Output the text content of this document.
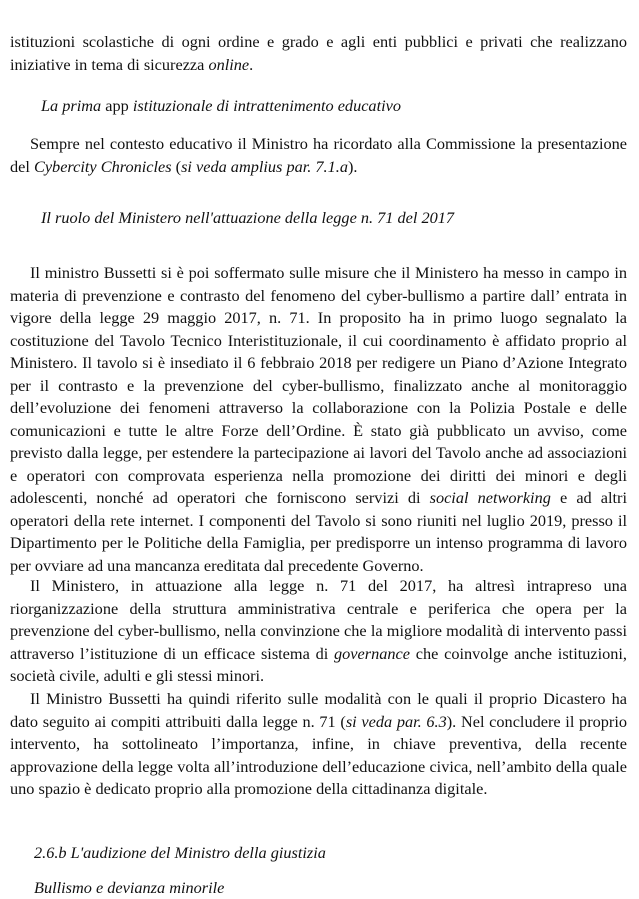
istituzioni scolastiche di ogni ordine e grado e agli enti pubblici e privati che realizzano

iniziative in tema di sicurezza online.

La prima app istituzionale di intrattenimento educativo

Sempre nel contesto educativo il Ministro ha ricordato alla Commissione la presentazione del Cybercity Chronicles (si veda amplius par. 7.1.a).

Il ruolo del Ministero nell'attuazione della legge n. 71 del 2017

Il ministro Bussetti si è poi soffermato sulle misure che il Ministero ha messo in campo in materia di prevenzione e contrasto del fenomeno del cyber-bullismo a partire dall’ entrata in vigore della legge 29 maggio 2017, n. 71. In proposito ha in primo luogo segnalato la costituzione del Tavolo Tecnico Interistituzionale, il cui coordinamento è affidato proprio al Ministero. Il tavolo si è insediato il 6 febbraio 2018 per redigere un Piano d’Azione Integrato per il contrasto e la prevenzione del cyber-bullismo, finalizzato anche al monitoraggio dell’evoluzione dei fenomeni attraverso la collaborazione con la Polizia Postale e delle comunicazioni e tutte le altre Forze dell’Ordine. È stato già pubblicato un avviso, come previsto dalla legge, per estendere la partecipazione ai lavori del Tavolo anche ad associazioni e operatori con comprovata esperienza nella promozione dei diritti dei minori e degli adolescenti, nonché ad operatori che forniscono servizi di social networking e ad altri operatori della rete internet. I componenti del Tavolo si sono riuniti nel luglio 2019, presso il Dipartimento per le Politiche della Famiglia, per predisporre un intenso programma di lavoro per ovviare ad una mancanza ereditata dal precedente Governo.

Il Ministero, in attuazione alla legge n. 71 del 2017, ha altresì intrapreso una riorganizzazione della struttura amministrativa centrale e periferica che opera per la prevenzione del cyber-bullismo, nella convinzione che la migliore modalità di intervento passi attraverso l’istituzione di un efficace sistema di governance che coinvolge anche istituzioni, società civile, adulti e gli stessi minori.

Il Ministro Bussetti ha quindi riferito sulle modalità con le quali il proprio Dicastero ha dato seguito ai compiti attribuiti dalla legge n. 71 (si veda par. 6.3). Nel concludere il proprio intervento, ha sottolineato l’importanza, infine, in chiave preventiva, della recente approvazione della legge volta all’introduzione dell’educazione civica, nell’ambito della quale uno spazio è dedicato proprio alla promozione della cittadinanza digitale.

2.6.b L'audizione del Ministro della giustizia
Bullismo e devianza minorile
